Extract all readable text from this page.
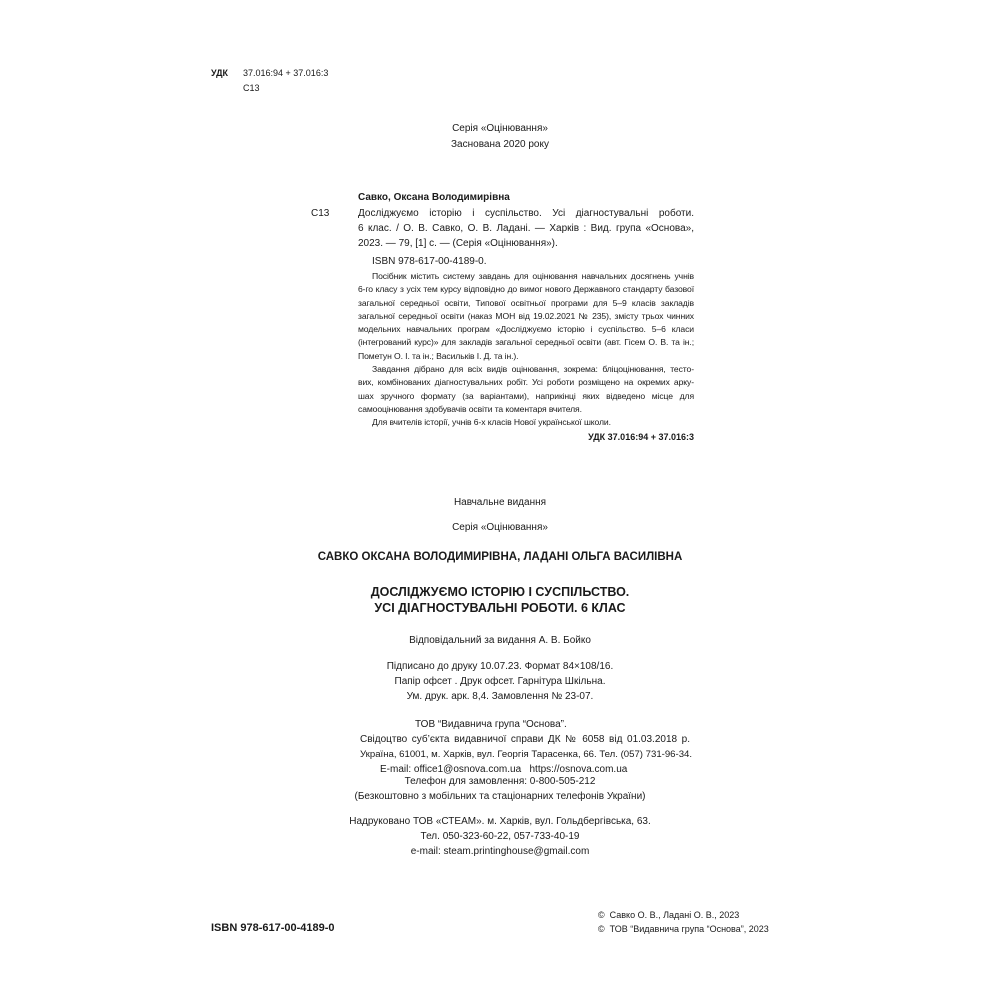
УДК 37.016:94 + 37.016:3
С13
Серія «Оцінювання»
Заснована 2020 року
Савко, Оксана Володимирівна
С13	Досліджуємо історію і суспільство. Усі діагностувальні роботи.
6 клас. / О. В. Савко, О. В. Ладані. — Харків : Вид. група «Основа»,
2023. — 79, [1] с. — (Серія «Оцінювання»).
ISBN 978-617-00-4189-0.

Посібник містить систему завдань для оцінювання навчальних досягнень учнів

6-го класу з усіх тем курсу відповідно до вимог нового Державного стандарту базової

загальної середньої освіти, Типової освітньої програми для 5–9 класів закладів

загальної середньої освіти (наказ МОН від 19.02.2021 № 235), змісту трьох чинних

модельних навчальних програм «Досліджуємо історію і суспільство. 5–6 класи

(інтегрований курс)» для закладів загальної середньої освіти (авт. Гісем О. В. та ін.;

Пометун О. І. та ін.; Васильків І. Д. та ін.).

Завдання дібрано для всіх видів оцінювання, зокрема: бліцоцінювання, тесто-

вих, комбінованих діагностувальних робіт. Усі роботи розміщено на окремих арку-

шах зручного формату (за варіантами), наприкінці яких відведено місце для

самооцінювання здобувачів освіти та коментаря вчителя.

Для вчителів історії, учнів 6-х класів Нової української школи.

УДК 37.016:94 + 37.016:3
Навчальне видання
Серія «Оцінювання»
САВКО ОКСАНА ВОЛОДИМИРІВНА, ЛАДАНІ ОЛЬГА ВАСИЛІВНА
ДОСЛІДЖУЄМО ІСТОРІЮ І СУСПІЛЬСТВО.
УСІ ДІАГНОСТУВАЛЬНІ РОБОТИ. 6 КЛАС
Відповідальний за видання А. В. Бойко
Підписано до друку 10.07.23. Формат 84×108/16.
Папір офсет . Друк офсет. Гарнітура Шкільна.
Ум. друк. арк. 8,4. Замовлення № 23-07.
ТОВ “Видавнича група “Основа”.
Свідоцтво суб’єкта видавничої справи ДК № 6058 від 01.03.2018 р.
Україна, 61001, м. Харків, вул. Георгія Тарасенка, 66. Тел. (057) 731-96-34.
E-mail: office1@osnova.com.ua https://osnova.com.ua
Телефон для замовлення: 0-800-505-212
(Безкоштовно з мобільних та стаціонарних телефонів України)
Надруковано ТОВ «СТЕАМ». м. Харків, вул. Гольдбергівська, 63.
Тел. 050-323-60-22, 057-733-40-19
e-mail: steam.printinghouse@gmail.com
ISBN 978-617-00-4189-0
© Савко О. В., Ладані О. В., 2023
© ТОВ “Видавнича група “Основа”, 2023
